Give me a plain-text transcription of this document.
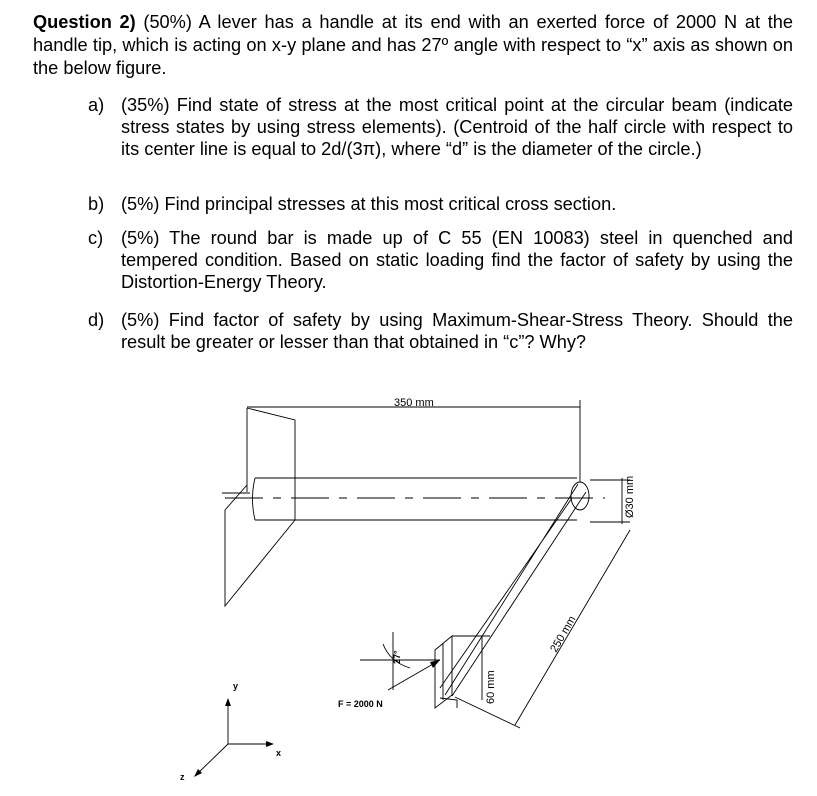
Question 2) (50%) A lever has a handle at its end with an exerted force of 2000 N at the handle tip, which is acting on x-y plane and has 27º angle with respect to “x” axis as shown on the below figure.

a) (35%) Find state of stress at the most critical point at the circular beam (indicate stress states by using stress elements). (Centroid of the half circle with respect to its center line is equal to 2d/(3π), where “d” is the diameter of the circle.)
b) (5%) Find principal stresses at this most critical cross section.
c) (5%) The round bar is made up of C 55 (EN 10083) steel in quenched and tempered condition. Based on static loading find the factor of safety by using the Distortion-Energy Theory.
d) (5%) Find factor of safety by using Maximum-Shear-Stress Theory. Should the result be greater or lesser than that obtained in “c”? Why?
350 mm
Ø30 mm
250 mm
60 mm
27°
F = 2000 N
y
x
z
